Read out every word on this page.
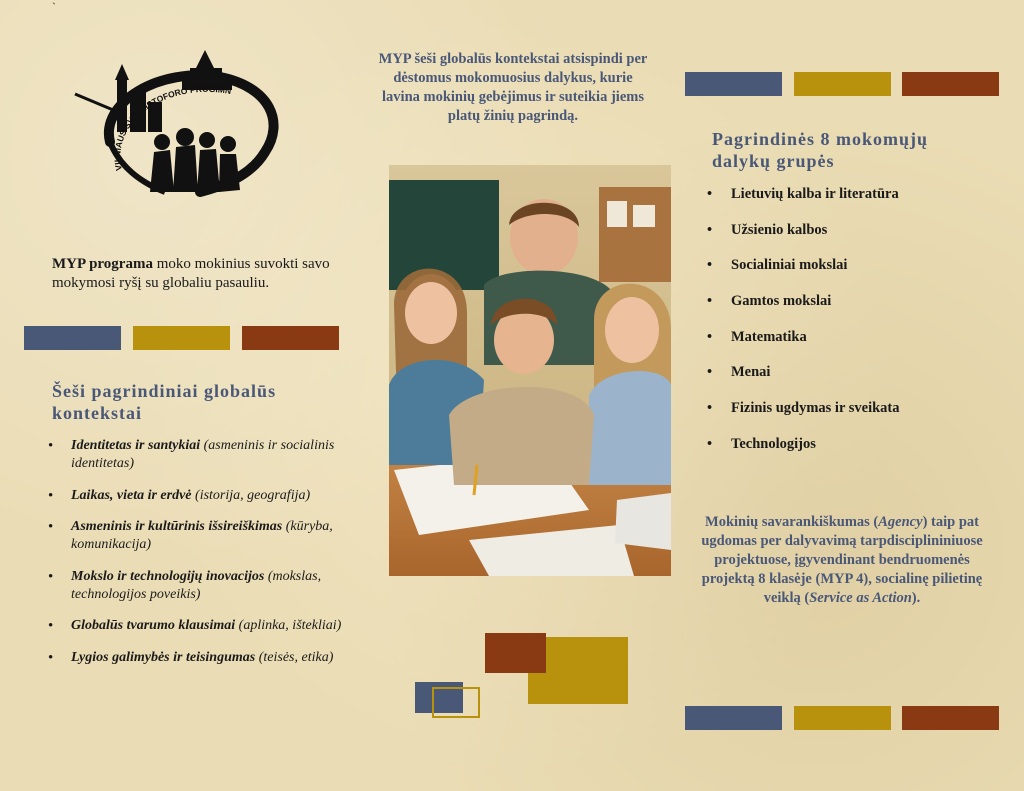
`
VILNIAUS ŠV. KRISTOFORO PROGIMN
MYP programa moko mokinius suvokti savo mokymosi ryšį su globaliu pasauliu.
Šeši pagrindiniai globalūs kontekstai
• Identitetas ir santykiai (asmeninis ir socialinis identitetas)
• Laikas, vieta ir erdvė (istorija, geografija)
• Asmeninis ir kultūrinis išsireiškimas (kūryba, komunikacija)
• Mokslo ir technologijų inovacijos (mokslas, technologijos poveikis)
• Globalūs tvarumo klausimai (aplinka, ištekliai)
• Lygios galimybės ir teisingumas (teisės, etika)
MYP šeši globalūs kontekstai atsispindi per dėstomus mokomuosius dalykus, kurie lavina mokinių gebėjimus ir suteikia jiems platų žinių pagrindą.
Pagrindinės 8 mokomųjų dalykų grupės
• Lietuvių kalba ir literatūra
• Užsienio kalbos
• Socialiniai mokslai
• Gamtos mokslai
• Matematika
• Menai
• Fizinis ugdymas ir sveikata
• Technologijos
Mokinių savarankiškumas (Agency) taip pat ugdomas per dalyvavimą tarpdisciplininiuose projektuose, įgyvendinant bendruomenės projektą 8 klasėje (MYP 4), socialinę pilietinę veiklą (Service as Action).
